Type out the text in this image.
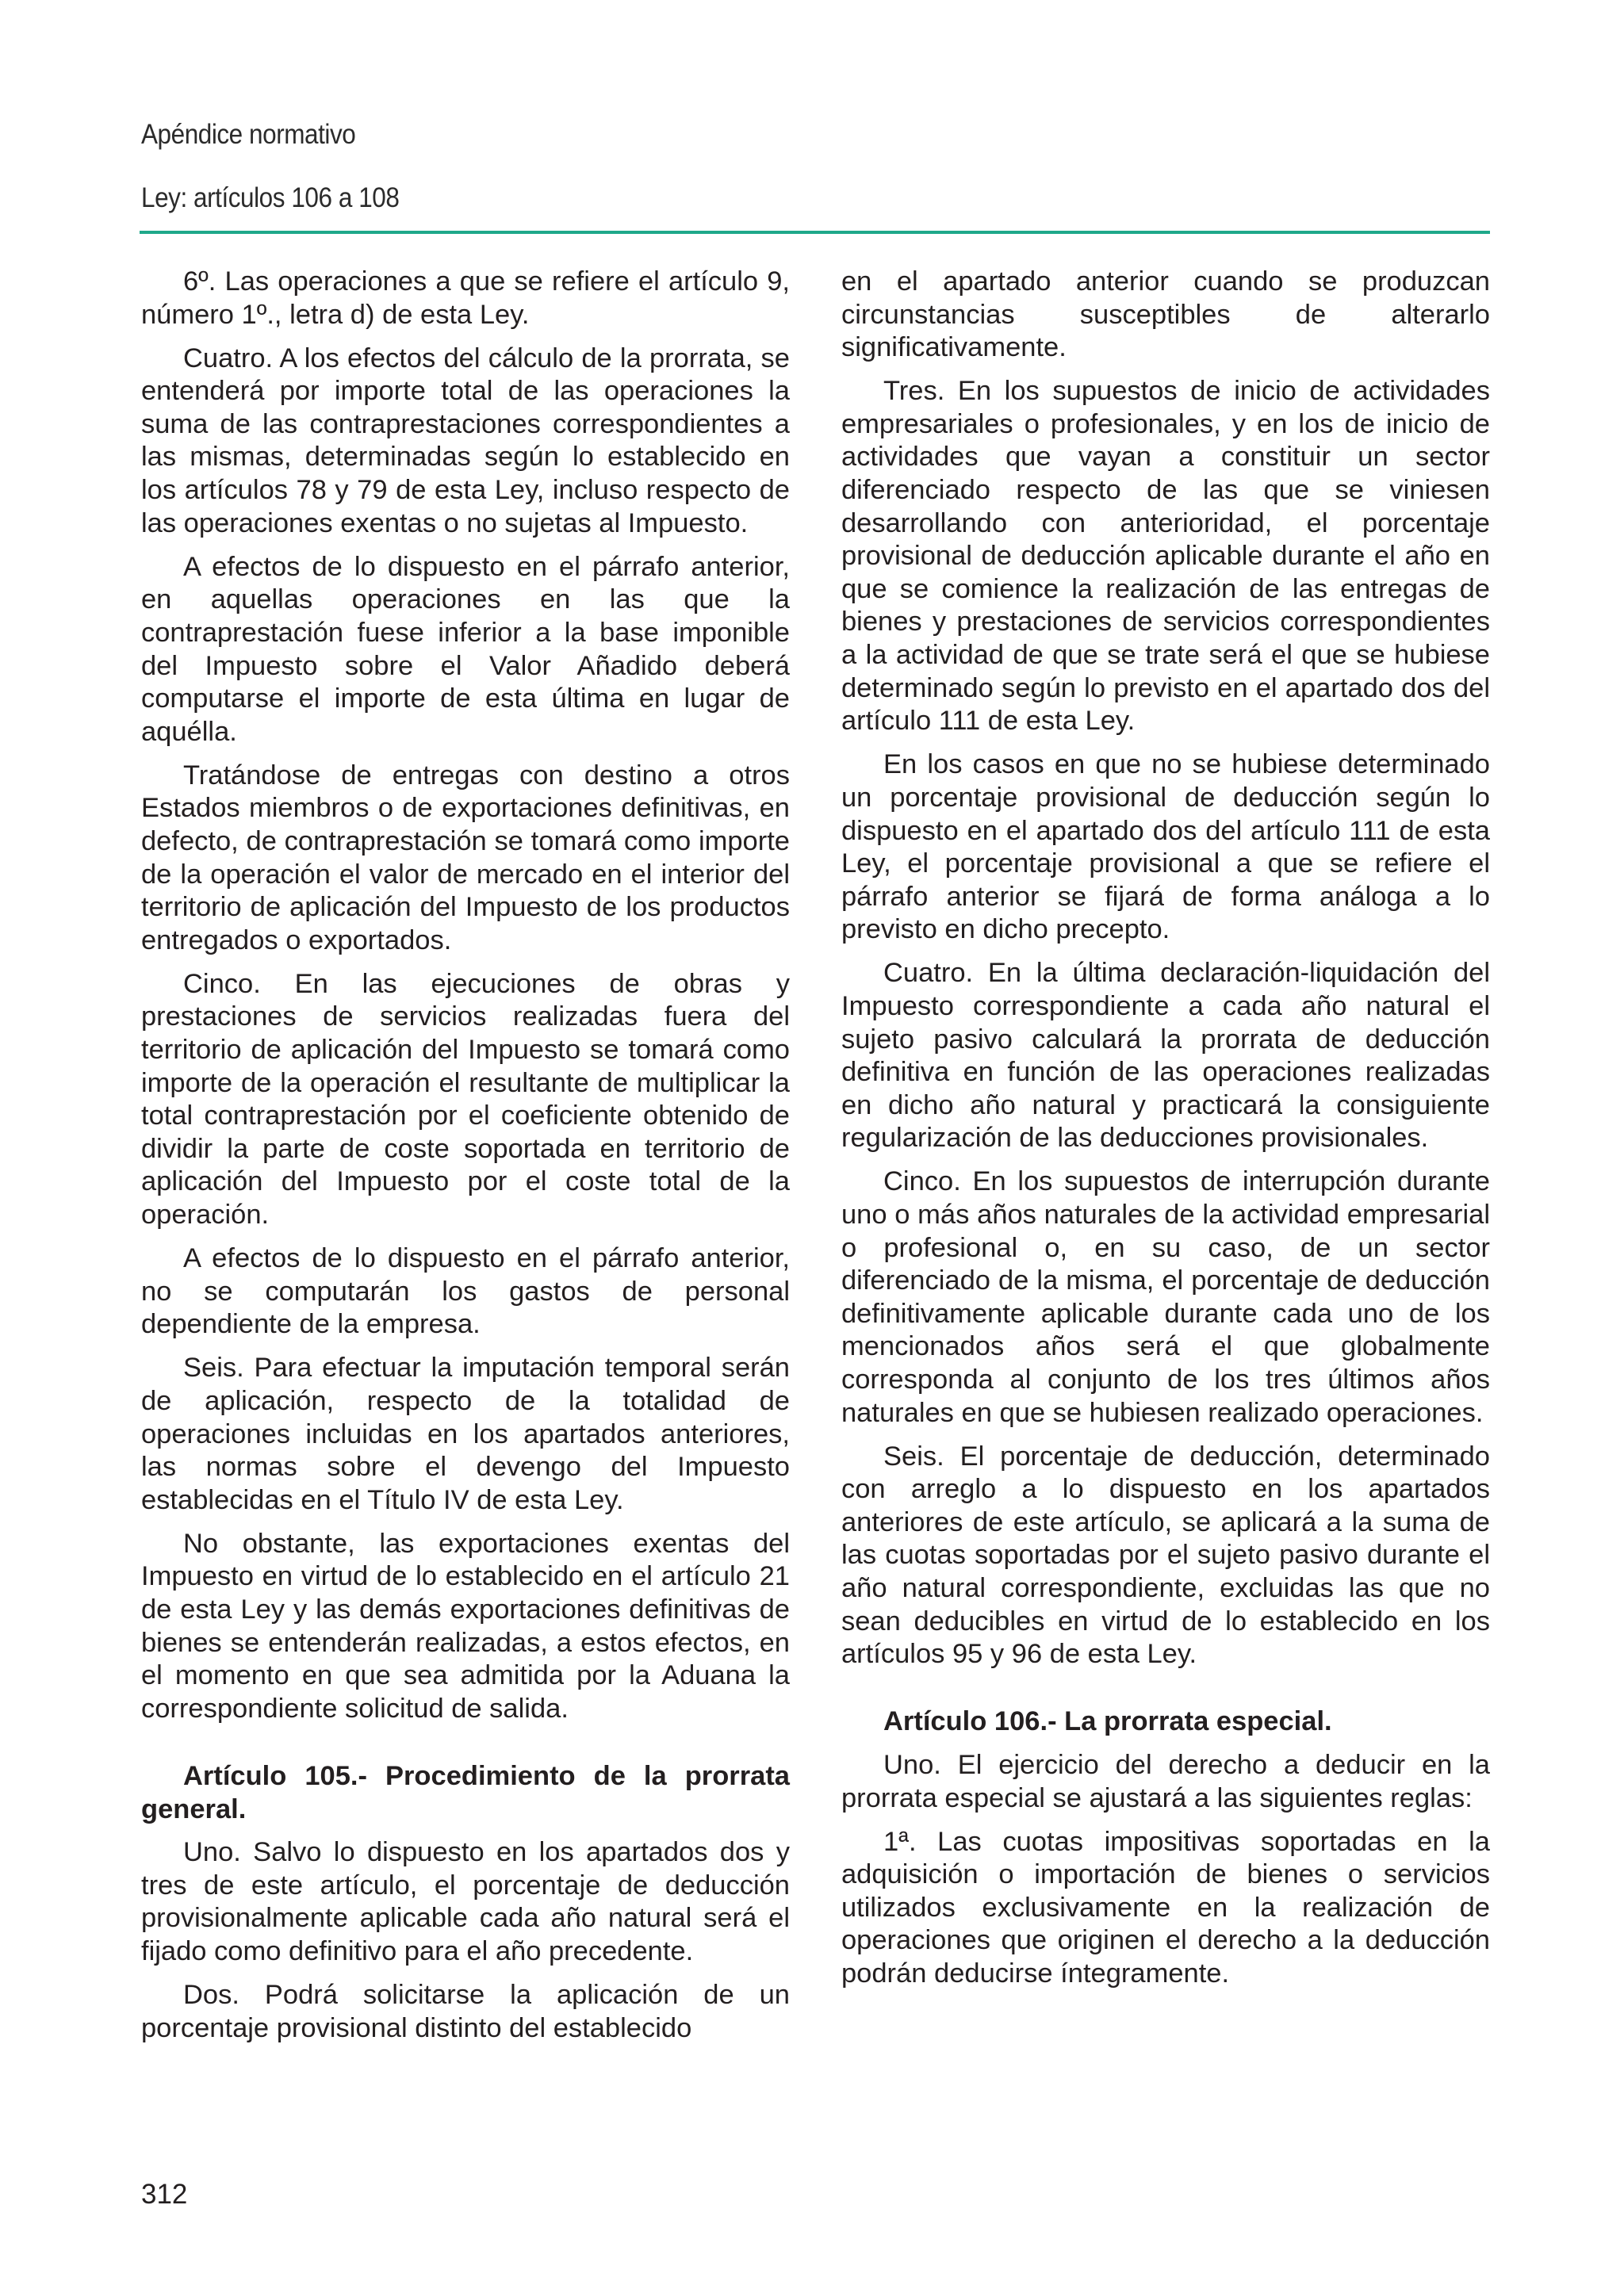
Apéndice normativo
Ley: artículos 106 a 108

6º. Las operaciones a que se refiere el artículo 9, número 1º., letra d) de esta Ley.

Cuatro. A los efectos del cálculo de la prorrata, se entenderá por importe total de las operaciones la suma de las contraprestaciones correspondientes a las mismas, determinadas según lo establecido en los artículos 78 y 79 de esta Ley, incluso respecto de las operaciones exentas o no sujetas al Impuesto.

A efectos de lo dispuesto en el párrafo anterior, en aquellas operaciones en las que la contraprestación fuese inferior a la base imponible del Impuesto sobre el Valor Añadido deberá computarse el importe de esta última en lugar de aquélla.

Tratándose de entregas con destino a otros Estados miembros o de exportaciones definitivas, en defecto, de contraprestación se tomará como importe de la operación el valor de mercado en el interior del territorio de aplicación del Impuesto de los productos entregados o exportados.

Cinco. En las ejecuciones de obras y prestaciones de servicios realizadas fuera del territorio de aplicación del Impuesto se tomará como importe de la operación el resultante de multiplicar la total contraprestación por el coeficiente obtenido de dividir la parte de coste soportada en territorio de aplicación del Impuesto por el coste total de la operación.

A efectos de lo dispuesto en el párrafo anterior, no se computarán los gastos de personal dependiente de la empresa.

Seis. Para efectuar la imputación temporal serán de aplicación, respecto de la totalidad de operaciones incluidas en los apartados anteriores, las normas sobre el devengo del Impuesto establecidas en el Título IV de esta Ley.

No obstante, las exportaciones exentas del Impuesto en virtud de lo establecido en el artículo 21 de esta Ley y las demás exportaciones definitivas de bienes se entenderán realizadas, a estos efectos, en el momento en que sea admitida por la Aduana la correspondiente solicitud de salida.

Artículo 105.- Procedimiento de la prorrata general.

Uno. Salvo lo dispuesto en los apartados dos y tres de este artículo, el porcentaje de deducción provisionalmente aplicable cada año natural será el fijado como definitivo para el año precedente.

Dos. Podrá solicitarse la aplicación de un porcentaje provisional distinto del establecido

en el apartado anterior cuando se produzcan circunstancias susceptibles de alterarlo significativamente.

Tres. En los supuestos de inicio de actividades empresariales o profesionales, y en los de inicio de actividades que vayan a constituir un sector diferenciado respecto de las que se viniesen desarrollando con anterioridad, el porcentaje provisional de deducción aplicable durante el año en que se comience la realización de las entregas de bienes y prestaciones de servicios correspondientes a la actividad de que se trate será el que se hubiese determinado según lo previsto en el apartado dos del artículo 111 de esta Ley.

En los casos en que no se hubiese determinado un porcentaje provisional de deducción según lo dispuesto en el apartado dos del artículo 111 de esta Ley, el porcentaje provisional a que se refiere el párrafo anterior se fijará de forma análoga a lo previsto en dicho precepto.

Cuatro. En la última declaración-liquidación del Impuesto correspondiente a cada año natural el sujeto pasivo calculará la prorrata de deducción definitiva en función de las operaciones realizadas en dicho año natural y practicará la consiguiente regularización de las deducciones provisionales.

Cinco. En los supuestos de interrupción durante uno o más años naturales de la actividad empresarial o profesional o, en su caso, de un sector diferenciado de la misma, el porcentaje de deducción definitivamente aplicable durante cada uno de los mencionados años será el que globalmente corresponda al conjunto de los tres últimos años naturales en que se hubiesen realizado operaciones.

Seis. El porcentaje de deducción, determinado con arreglo a lo dispuesto en los apartados anteriores de este artículo, se aplicará a la suma de las cuotas soportadas por el sujeto pasivo durante el año natural correspondiente, excluidas las que no sean deducibles en virtud de lo establecido en los artículos 95 y 96 de esta Ley.

Artículo 106.- La prorrata especial.

Uno. El ejercicio del derecho a deducir en la prorrata especial se ajustará a las siguientes reglas:

1ª. Las cuotas impositivas soportadas en la adquisición o importación de bienes o servicios utilizados exclusivamente en la realización de operaciones que originen el derecho a la deducción podrán deducirse íntegramente.

312
